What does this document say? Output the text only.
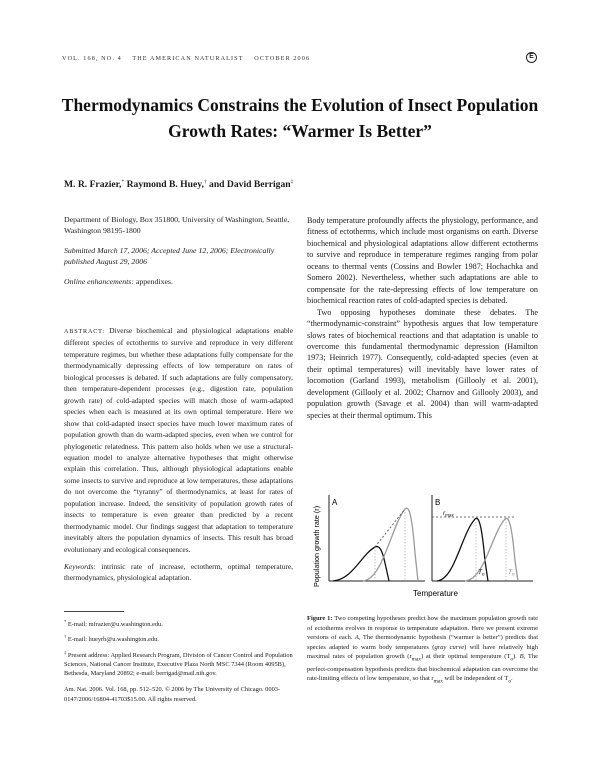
VOL. 168, NO. 4 THE AMERICAN NATURALIST OCTOBER 2006	E
Thermodynamics Constrains the Evolution of Insect Population Growth Rates: “Warmer Is Better”
M. R. Frazier,* Raymond B. Huey,† and David Berrigan‡
Department of Biology, Box 351800, University of Washington, Seattle, Washington 98195-1800
Submitted March 17, 2006; Accepted June 12, 2006; Electronically published August 29, 2006
Online enhancements: appendixes.
ABSTRACT: Diverse biochemical and physiological adaptations enable different species of ectotherms to survive and reproduce in very different temperature regimes, but whether these adaptations fully compensate for the thermodynamically depressing effects of low temperature on rates of biological processes is debated. If such adaptations are fully compensatory, then temperature-dependent processes (e.g., digestion rate, population growth rate) of cold-adapted species will match those of warm-adapted species when each is measured at its own optimal temperature. Here we show that cold-adapted insect species have much lower maximum rates of population growth than do warm-adapted species, even when we control for phylogenetic relatedness. This pattern also holds when we use a structural-equation model to analyze alternative hypotheses that might otherwise explain this correlation. Thus, although physiological adaptations enable some insects to survive and reproduce at low temperatures, these adaptations do not overcome the “tyranny” of thermodynamics, at least for rates of population increase. Indeed, the sensitivity of population growth rates of insects to temperature is even greater than predicted by a recent thermodynamic model. Our findings suggest that adaptation to temperature inevitably alters the population dynamics of insects. This result has broad evolutionary and ecological consequences.
Keywords: intrinsic rate of increase, ectotherm, optimal temperature, thermodynamics, physiological adaptation.

* E-mail: mfrazier@u.washington.edu.

† E-mail: hueyrb@u.washington.edu.

‡ Present address: Applied Research Program, Division of Cancer Control and Population Sciences, National Cancer Institute, Executive Plaza North MSC 7344 (Room 4095B), Bethesda, Maryland 20892; e-mail: berrigad@mail.nih.gov.

Am. Nat. 2006. Vol. 168, pp. 512–520. © 2006 by The University of Chicago. 0003-0147/2006/16804-41703$15.00. All rights reserved.

Body temperature profoundly affects the physiology, performance, and fitness of ectotherms, which include most organisms on earth. Diverse biochemical and physiological adaptations allow different ectotherms to survive and reproduce in temperature regimes ranging from polar oceans to thermal vents (Cossins and Bowler 1987; Hochachka and Somero 2002). Nevertheless, whether such adaptations are able to compensate for the rate-depressing effects of low temperature on biochemical reaction rates of cold-adapted species is debated.

Two opposing hypotheses dominate these debates. The “thermodynamic-constraint” hypothesis argues that low temperature slows rates of biochemical reactions and that adaptation is unable to overcome this fundamental thermodynamic depression (Hamilton 1973; Heinrich 1977). Consequently, cold-adapted species (even at their optimal temperatures) will inevitably have lower rates of locomotion (Garland 1993), metabolism (Gillooly et al. 2001), development (Gillooly et al. 2002; Charnov and Gillooly 2003), and population growth (Savage et al. 2004) than will warm-adapted species at their thermal optimum. This

Population growth rate (r)
A	B
$r_{max}$
$T_o$	$T_o$
Temperature
Figure 1: Two competing hypotheses predict how the maximum population growth rate of ectotherms evolves in response to temperature adaptation. Here we present extreme versions of each. A, The thermodynamic hypothesis (“warmer is better”) predicts that species adapted to warm body temperatures (gray curve) will have relatively high maximal rates of population growth $(r_{max})$ at their optimal temperature $(T_o)$. B, The perfect-compensation hypothesis predicts that biochemical adaptation can overcome the rate-limiting effects of low temperature, so that $r_{max}$ will be independent of $T_o$.
